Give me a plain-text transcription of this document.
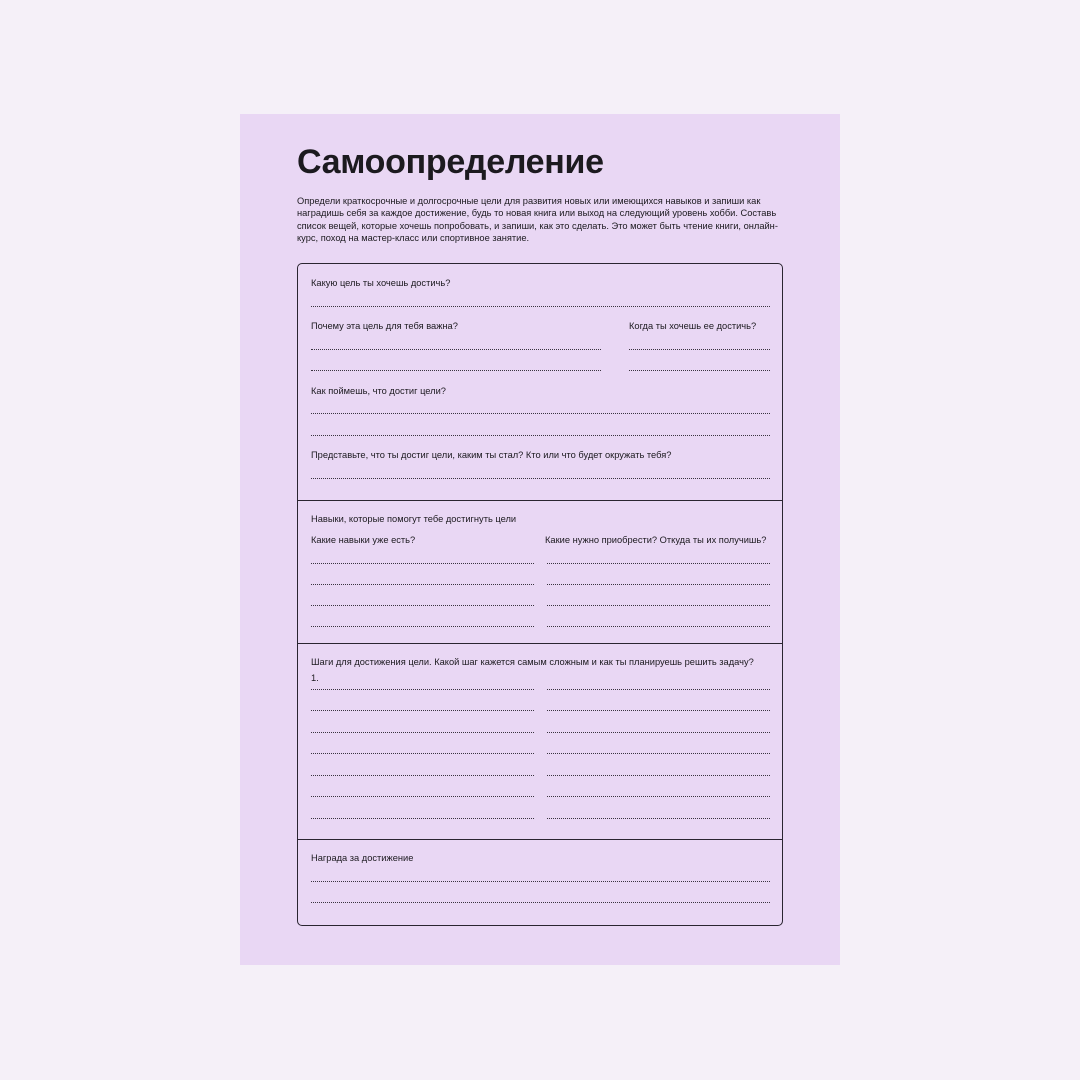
Самоопределение

Определи краткосрочные и долгосрочные цели для развития новых или имеющихся навыков и запиши как наградишь себя за каждое достижение, будь то новая книга или выход на следующий уровень хобби. Составь список вещей, которые хочешь попробовать, и запиши, как это сделать. Это может быть чтение книги, онлайн-курс, поход на мастер-класс или спортивное занятие.

Какую цель ты хочешь достичь?

Почему эта цель для тебя важна?	Когда ты хочешь ее достичь?

Как поймешь, что достиг цели?

Представьте, что ты достиг цели, каким ты стал? Кто или что будет окружать тебя?

Навыки, которые помогут тебе достигнуть цели

Какие навыки уже есть?	Какие нужно приобрести? Откуда ты их получишь?

Шаги для достижения цели. Какой шаг кажется самым сложным и как ты планируешь решить задачу?

1.

Награда за достижение
